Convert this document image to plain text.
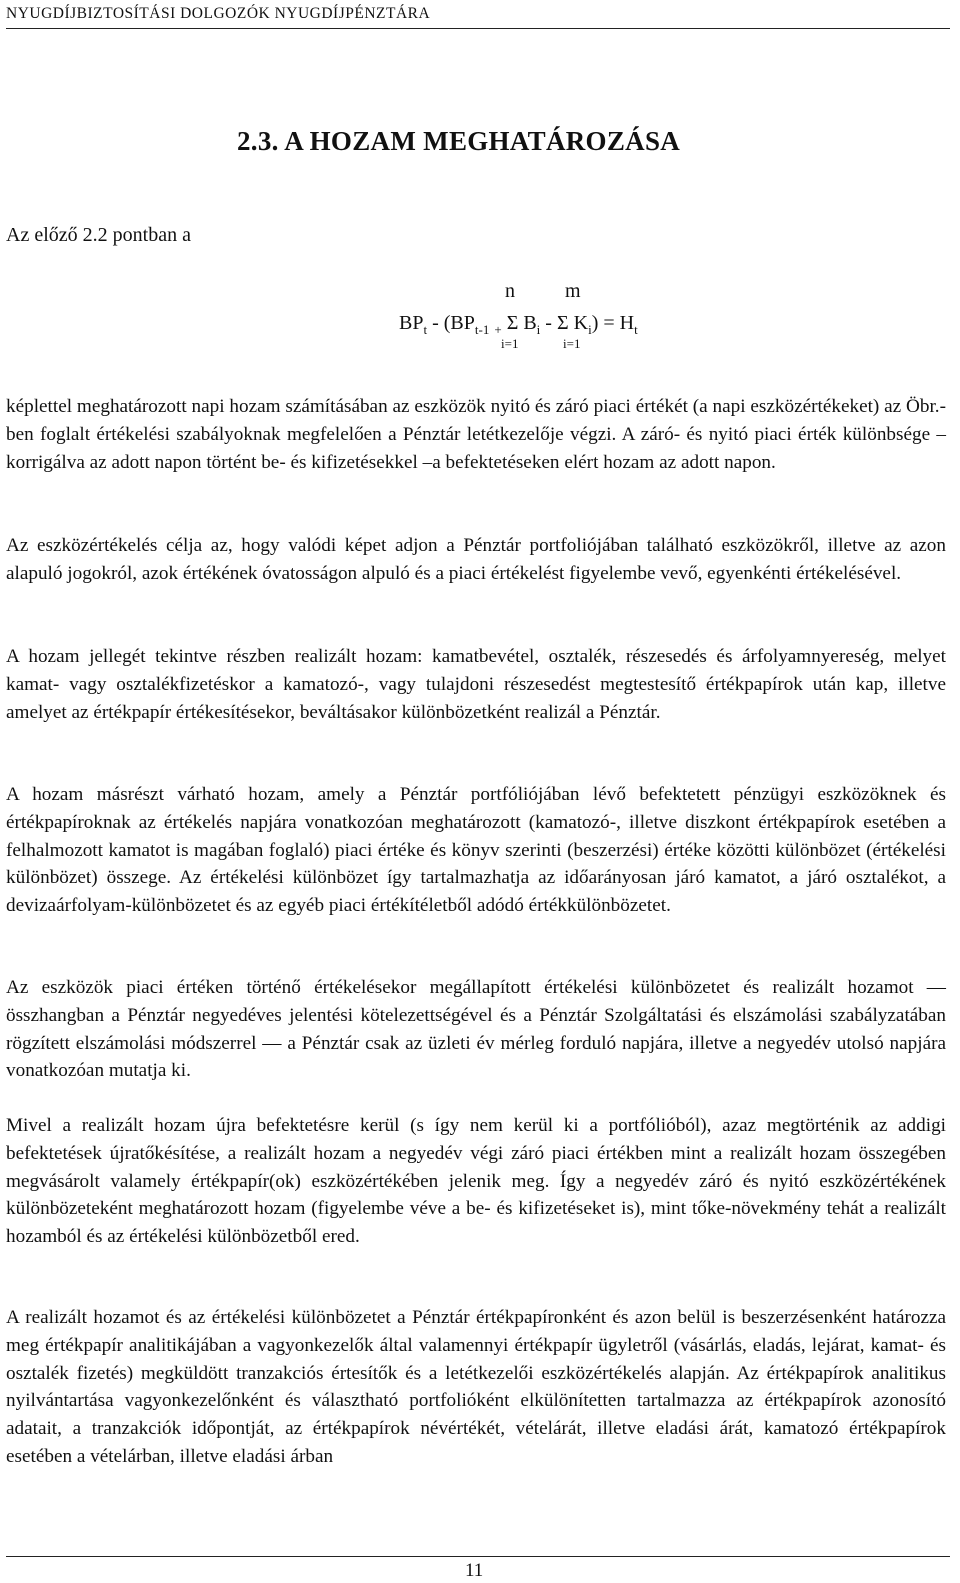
NYUGDÍJBIZTOSÍTÁSI DOLGOZÓK NYUGDÍJPÉNZTÁRA
2.3. A HOZAM MEGHATÁROZÁSA
Az előző 2.2 pontban a
n	m
$BP_t - (BP_{t-1}$ $_+$ Σ $B_i$ - Σ $K_i) = H_t$
i=1	i=1

képlettel meghatározott napi hozam számításában az eszközök nyitó és záró piaci értékét (a napi eszközértékeket) az Öbr.-ben foglalt értékelési szabályoknak megfelelően a Pénztár letétkezelője végzi. A záró- és nyitó piaci érték különbsége – korrigálva az adott napon történt be- és kifizetésekkel –a befektetéseken elért hozam az adott napon.

Az eszközértékelés célja az, hogy valódi képet adjon a Pénztár portfoliójában található eszközökről, illetve az azon alapuló jogokról, azok értékének óvatosságon alpuló és a piaci értékelést figyelembe vevő, egyenkénti értékelésével.

A hozam jellegét tekintve részben realizált hozam: kamatbevétel, osztalék, részesedés és árfolyamnyereség, melyet kamat- vagy osztalékfizetéskor a kamatozó-, vagy tulajdoni részesedést megtestesítő értékpapírok után kap, illetve amelyet az értékpapír értékesítésekor, beváltásakor különbözetként realizál a Pénztár.

A hozam másrészt várható hozam, amely a Pénztár portfóliójában lévő befektetett pénzügyi eszközöknek és értékpapíroknak az értékelés napjára vonatkozóan meghatározott (kamatozó-, illetve diszkont értékpapírok esetében a felhalmozott kamatot is magában foglaló) piaci értéke és könyv szerinti (beszerzési) értéke közötti különbözet (értékelési különbözet) összege. Az értékelési különbözet így tartalmazhatja az időarányosan járó kamatot, a járó osztalékot, a devizaárfolyam-különbözetet és az egyéb piaci értékítéletből adódó értékkülönbözetet.

Az eszközök piaci értéken történő értékelésekor megállapított értékelési különbözetet és realizált hozamot — összhangban a Pénztár negyedéves jelentési kötelezettségével és a Pénztár Szolgáltatási és elszámolási szabályzatában rögzített elszámolási módszerrel — a Pénztár csak az üzleti év mérleg forduló napjára, illetve a negyedév utolsó napjára vonatkozóan mutatja ki.

Mivel a realizált hozam újra befektetésre kerül (s így nem kerül ki a portfólióból), azaz megtörténik az addigi befektetések újratőkésítése, a realizált hozam a negyedév végi záró piaci értékben mint a realizált hozam összegében megvásárolt valamely értékpapír(ok) eszközértékében jelenik meg. Így a negyedév záró és nyitó eszközértékének különbözeteként meghatározott hozam (figyelembe véve a be- és kifizetéseket is), mint tőke-növekmény tehát a realizált hozamból és az értékelési különbözetből ered.

A realizált hozamot és az értékelési különbözetet a Pénztár értékpapíronként és azon belül is beszerzésenként határozza meg értékpapír analitikájában a vagyonkezelők által valamennyi értékpapír ügyletről (vásárlás, eladás, lejárat, kamat- és osztalék fizetés) megküldött tranzakciós értesítők és a letétkezelői eszközértékelés alapján. Az értékpapírok analitikus nyilvántartása vagyonkezelőnként és választható portfolióként elkülönítetten tartalmazza az értékpapírok azonosító adatait, a tranzakciók időpontját, az értékpapírok névértékét, vételárát, illetve eladási árát, kamatozó értékpapírok esetében a vételárban, illetve eladási árban

11
